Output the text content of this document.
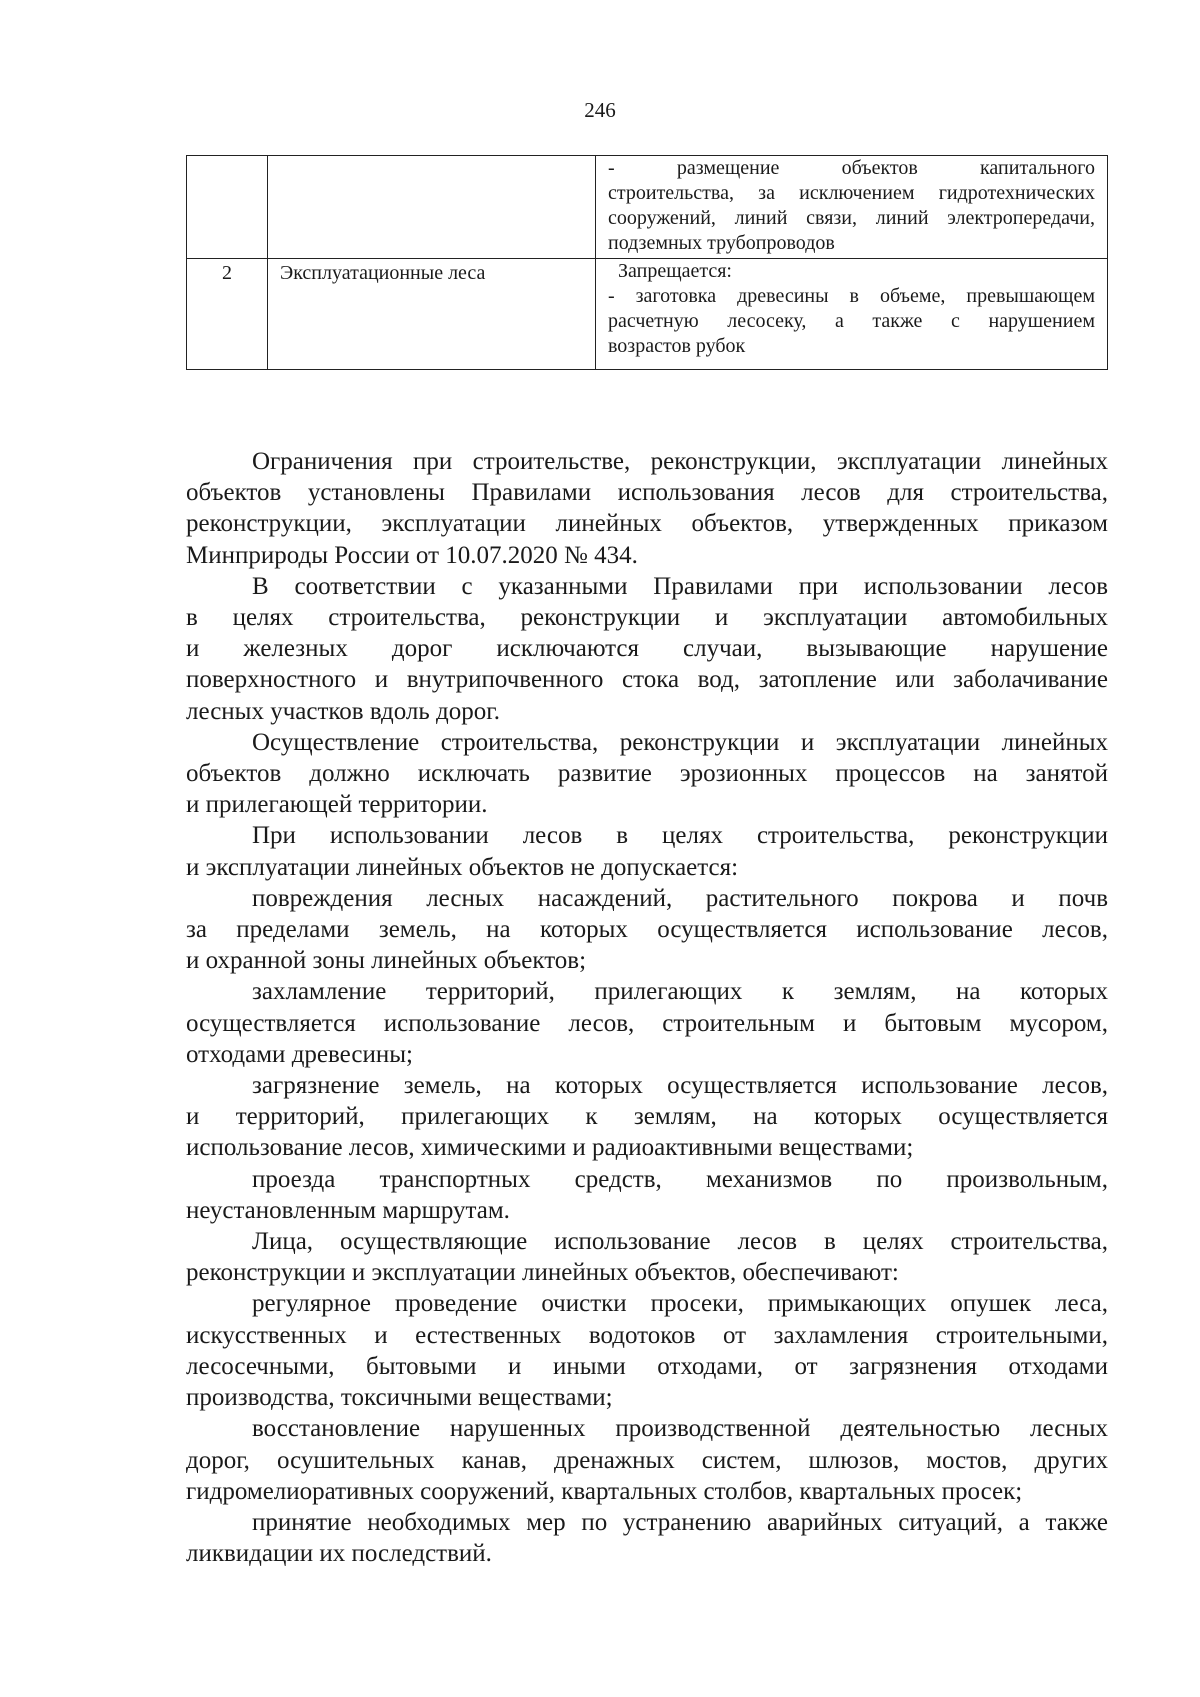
246

		- размещение объектов капитального
строительства, за исключением гидротехнических
сооружений, линий связи, линий электропередачи,
подземных трубопроводов

2	Эксплуатационные леса	Запрещается:
- заготовка древесины в объеме, превышающем
расчетную лесосеку, а также с нарушением
возрастов рубок
Ограничения при строительстве, реконструкции, эксплуатации линейных
объектов установлены Правилами использования лесов для строительства,
реконструкции, эксплуатации линейных объектов, утвержденных приказом
Минприроды России от 10.07.2020 № 434.
В соответствии с указанными Правилами при использовании лесов
в целях строительства, реконструкции и эксплуатации автомобильных
и железных дорог исключаются случаи, вызывающие нарушение
поверхностного и внутрипочвенного стока вод, затопление или заболачивание
лесных участков вдоль дорог.
Осуществление строительства, реконструкции и эксплуатации линейных
объектов должно исключать развитие эрозионных процессов на занятой
и прилегающей территории.
При использовании лесов в целях строительства, реконструкции
и эксплуатации линейных объектов не допускается:
повреждения лесных насаждений, растительного покрова и почв
за пределами земель, на которых осуществляется использование лесов,
и охранной зоны линейных объектов;
захламление территорий, прилегающих к землям, на которых
осуществляется использование лесов, строительным и бытовым мусором,
отходами древесины;
загрязнение земель, на которых осуществляется использование лесов,
и территорий, прилегающих к землям, на которых осуществляется
использование лесов, химическими и радиоактивными веществами;
проезда транспортных средств, механизмов по произвольным,
неустановленным маршрутам.
Лица, осуществляющие использование лесов в целях строительства,
реконструкции и эксплуатации линейных объектов, обеспечивают:
регулярное проведение очистки просеки, примыкающих опушек леса,
искусственных и естественных водотоков от захламления строительными,
лесосечными, бытовыми и иными отходами, от загрязнения отходами
производства, токсичными веществами;
восстановление нарушенных производственной деятельностью лесных
дорог, осушительных канав, дренажных систем, шлюзов, мостов, других
гидромелиоративных сооружений, квартальных столбов, квартальных просек;
принятие необходимых мер по устранению аварийных ситуаций, а также
ликвидации их последствий.
